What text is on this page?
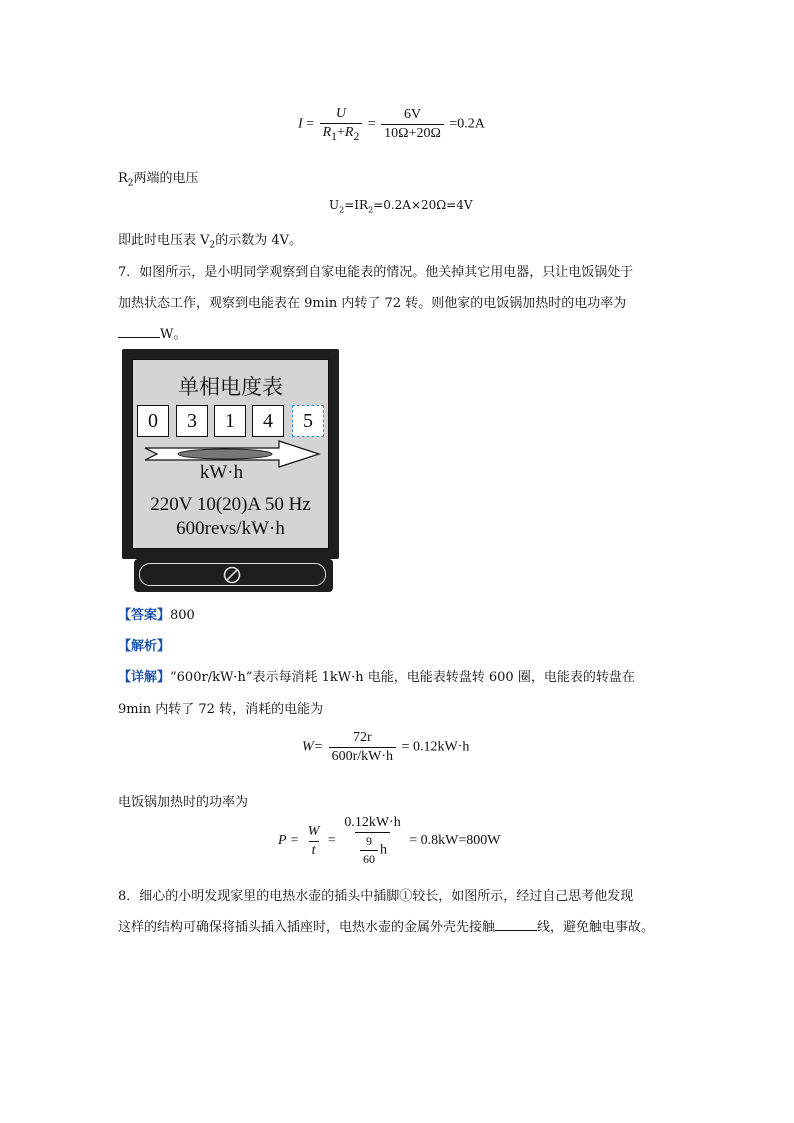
$I = \frac{U}{R_1+R_2} = \frac{6V}{10\Omega+20\Omega} =0.2A$
$R_2$两端的电压
$U_2=IR_2=0.2A\times 20\Omega=4V$
即此时电压表 $V_2$的示数为 4V。
7．如图所示，是小明同学观察到自家电能表的情况。他关掉其它用电器，只让电饭锅处于
加热状态工作，观察到电能表在 9min 内转了 72 转。则他家的电饭锅加热时的电功率为
W。
单相电度表
0	3	1	4	5
kW·h
220V 10(20)A 50 Hz
600revs/kW·h
【答案】800
【解析】
【详解】“600r/kW·h”表示每消耗 1kW·h 电能，电能表转盘转 600 圈，电能表的转盘在
9min 内转了 72 转，消耗的电能为
$W= \frac{72r}{600r/kW\cdot h} = 0.12kW\cdot h$
电饭锅加热时的功率为
$P = \frac{W}{t} = \frac{0.12kW\cdot h}{\frac{9}{60} h} = 0.8kW=800W$
8．细心的小明发现家里的电热水壶的插头中插脚①较长，如图所示，经过自己思考他发现
这样的结构可确保将插头插入插座时，电热水壶的金属外壳先接触	线，避免触电事故。
